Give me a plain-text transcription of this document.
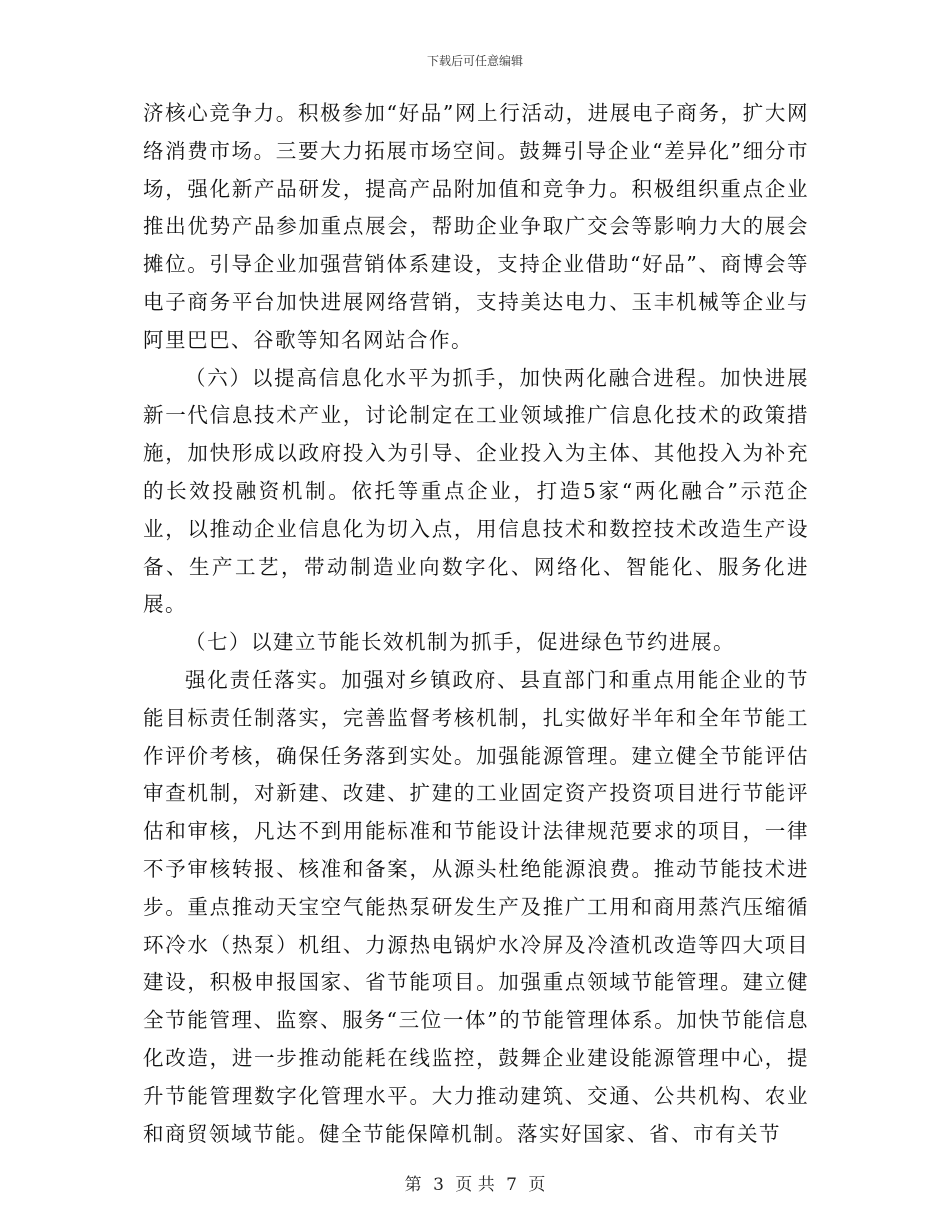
下载后可任意编辑

济核心竞争力。积极参加“好品”网上行活动，进展电子商务，扩大网络消费市场。三要大力拓展市场空间。鼓舞引导企业“差异化”细分市场，强化新产品研发，提高产品附加值和竞争力。积极组织重点企业推出优势产品参加重点展会，帮助企业争取广交会等影响力大的展会摊位。引导企业加强营销体系建设，支持企业借助“好品”、商博会等电子商务平台加快进展网络营销，支持美达电力、玉丰机械等企业与阿里巴巴、谷歌等知名网站合作。

（六）以提高信息化水平为抓手，加快两化融合进程。加快进展新一代信息技术产业，讨论制定在工业领域推广信息化技术的政策措施，加快形成以政府投入为引导、企业投入为主体、其他投入为补充的长效投融资机制。依托等重点企业，打造5家“两化融合”示范企业，以推动企业信息化为切入点，用信息技术和数控技术改造生产设备、生产工艺，带动制造业向数字化、网络化、智能化、服务化进展。

（七）以建立节能长效机制为抓手，促进绿色节约进展。

强化责任落实。加强对乡镇政府、县直部门和重点用能企业的节能目标责任制落实，完善监督考核机制，扎实做好半年和全年节能工作评价考核，确保任务落到实处。加强能源管理。建立健全节能评估审查机制，对新建、改建、扩建的工业固定资产投资项目进行节能评估和审核，凡达不到用能标准和节能设计法律规范要求的项目，一律不予审核转报、核准和备案，从源头杜绝能源浪费。推动节能技术进步。重点推动天宝空气能热泵研发生产及推广工用和商用蒸汽压缩循环冷水（热泵）机组、力源热电锅炉水冷屏及冷渣机改造等四大项目建设，积极申报国家、省节能项目。加强重点领域节能管理。建立健全节能管理、监察、服务“三位一体”的节能管理体系。加快节能信息化改造，进一步推动能耗在线监控，鼓舞企业建设能源管理中心，提升节能管理数字化管理水平。大力推动建筑、交通、公共机构、农业和商贸领域节能。健全节能保障机制。落实好国家、省、市有关节

第 3 页 共 7 页
